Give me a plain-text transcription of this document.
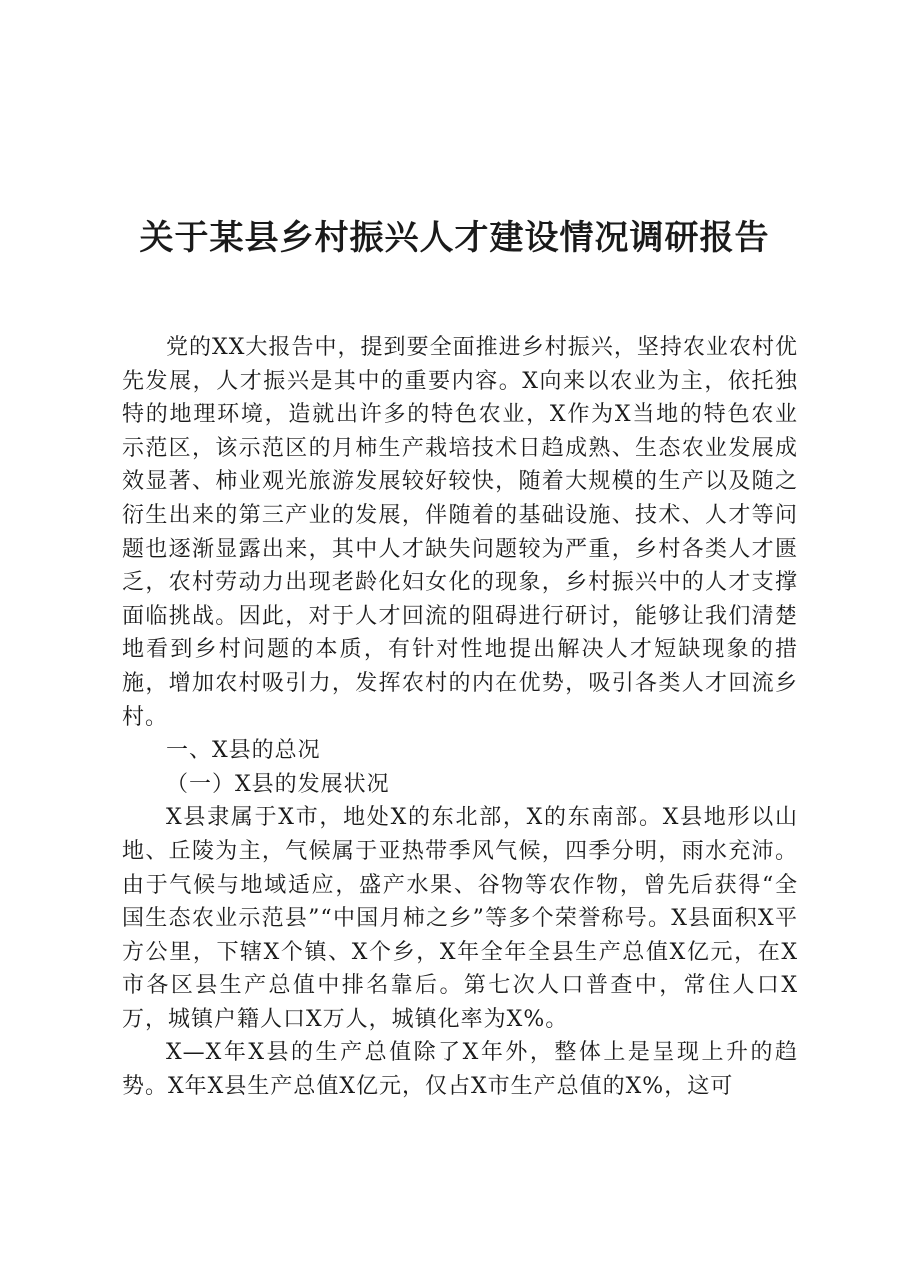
关于某县乡村振兴人才建设情况调研报告

党的XX大报告中，提到要全面推进乡村振兴，坚持农业农村优先发展，人才振兴是其中的重要内容。X向来以农业为主，依托独特的地理环境，造就出许多的特色农业，X作为X当地的特色农业示范区，该示范区的月柿生产栽培技术日趋成熟、生态农业发展成效显著、柿业观光旅游发展较好较快，随着大规模的生产以及随之衍生出来的第三产业的发展，伴随着的基础设施、技术、人才等问题也逐渐显露出来，其中人才缺失问题较为严重，乡村各类人才匮乏，农村劳动力出现老龄化妇女化的现象，乡村振兴中的人才支撑面临挑战。因此，对于人才回流的阻碍进行研讨，能够让我们清楚地看到乡村问题的本质，有针对性地提出解决人才短缺现象的措施，增加农村吸引力，发挥农村的内在优势，吸引各类人才回流乡村。

一、X县的总况

（一）X县的发展状况

X县隶属于X市，地处X的东北部，X的东南部。X县地形以山地、丘陵为主，气候属于亚热带季风气候，四季分明，雨水充沛。由于气候与地域适应，盛产水果、谷物等农作物，曾先后获得“全国生态农业示范县”“中国月柿之乡”等多个荣誉称号。X县面积X平方公里，下辖X个镇、X个乡，X年全年全县生产总值X亿元，在X市各区县生产总值中排名靠后。第七次人口普查中，常住人口X万，城镇户籍人口X万人，城镇化率为X%。

X—X年X县的生产总值除了X年外，整体上是呈现上升的趋势。X年X县生产总值X亿元，仅占X市生产总值的X%，这可
